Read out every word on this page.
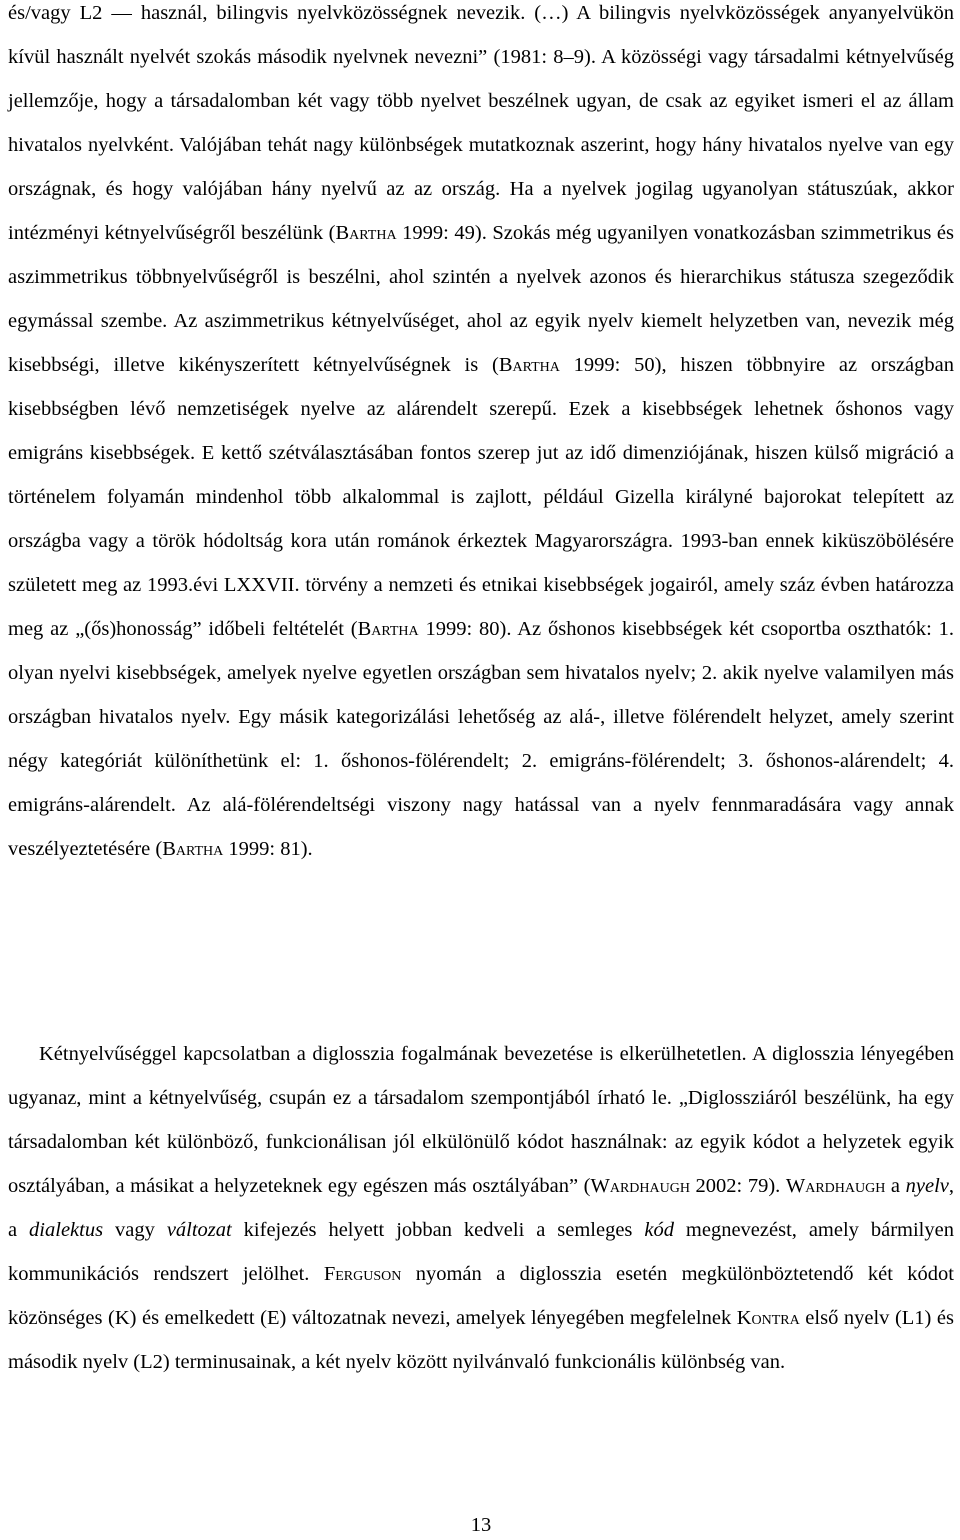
és/vagy L2 — használ, bilingvis nyelvközösségnek nevezik. (…) A bilingvis nyelvközösségek anyanyelvükön kívül használt nyelvét szokás második nyelvnek nevezni” (1981: 8–9). A közösségi vagy társadalmi kétnyelvűség jellemzője, hogy a társadalomban két vagy több nyelvet beszélnek ugyan, de csak az egyiket ismeri el az állam hivatalos nyelvként. Valójában tehát nagy különbségek mutatkoznak aszerint, hogy hány hivatalos nyelve van egy országnak, és hogy valójában hány nyelvű az az ország. Ha a nyelvek jogilag ugyanolyan státuszúak, akkor intézményi kétnyelvűségről beszélünk (Bartha 1999: 49). Szokás még ugyanilyen vonatkozásban szimmetrikus és aszimmetrikus többnyelvűségről is beszélni, ahol szintén a nyelvek azonos és hierarchikus státusza szegeződik egymással szembe. Az aszimmetrikus kétnyelvűséget, ahol az egyik nyelv kiemelt helyzetben van, nevezik még kisebbségi, illetve kikényszerített kétnyelvűségnek is (Bartha 1999: 50), hiszen többnyire az országban kisebbségben lévő nemzetiségek nyelve az alárendelt szerepű. Ezek a kisebbségek lehetnek őshonos vagy emigráns kisebbségek. E kettő szétválasztásában fontos szerep jut az idő dimenziójának, hiszen külső migráció a történelem folyamán mindenhol több alkalommal is zajlott, például Gizella királyné bajorokat telepített az országba vagy a török hódoltság kora után románok érkeztek Magyarországra. 1993-ban ennek kiküszöbölésére született meg az 1993.évi LXXVII. törvény a nemzeti és etnikai kisebbségek jogairól, amely száz évben határozza meg az „(ős)honosság” időbeli feltételét (Bartha 1999: 80). Az őshonos kisebbségek két csoportba oszthatók: 1. olyan nyelvi kisebbségek, amelyek nyelve egyetlen országban sem hivatalos nyelv; 2. akik nyelve valamilyen más országban hivatalos nyelv. Egy másik kategorizálási lehetőség az alá-, illetve fölérendelt helyzet, amely szerint négy kategóriát különíthetünk el: 1. őshonos-fölérendelt; 2. emigráns-fölérendelt; 3. őshonos-alárendelt; 4. emigráns-alárendelt. Az alá-fölérendeltségi viszony nagy hatással van a nyelv fennmaradására vagy annak veszélyeztetésére (Bartha 1999: 81).

Kétnyelvűséggel kapcsolatban a diglosszia fogalmának bevezetése is elkerülhetetlen. A diglosszia lényegében ugyanaz, mint a kétnyelvűség, csupán ez a társadalom szempontjából írható le. „Diglossziáról beszélünk, ha egy társadalomban két különböző, funkcionálisan jól elkülönülő kódot használnak: az egyik kódot a helyzetek egyik osztályában, a másikat a helyzeteknek egy egészen más osztályában” (Wardhaugh 2002: 79). Wardhaugh a nyelv, a dialektus vagy változat kifejezés helyett jobban kedveli a semleges kód megnevezést, amely bármilyen kommunikációs rendszert jelölhet. Ferguson nyomán a diglosszia esetén megkülönböztetendő két kódot közönséges (K) és emelkedett (E) változatnak nevezi, amelyek lényegében megfelelnek Kontra első nyelv (L1) és második nyelv (L2) terminusainak, a két nyelv között nyilvánvaló funkcionális különbség van.

13
